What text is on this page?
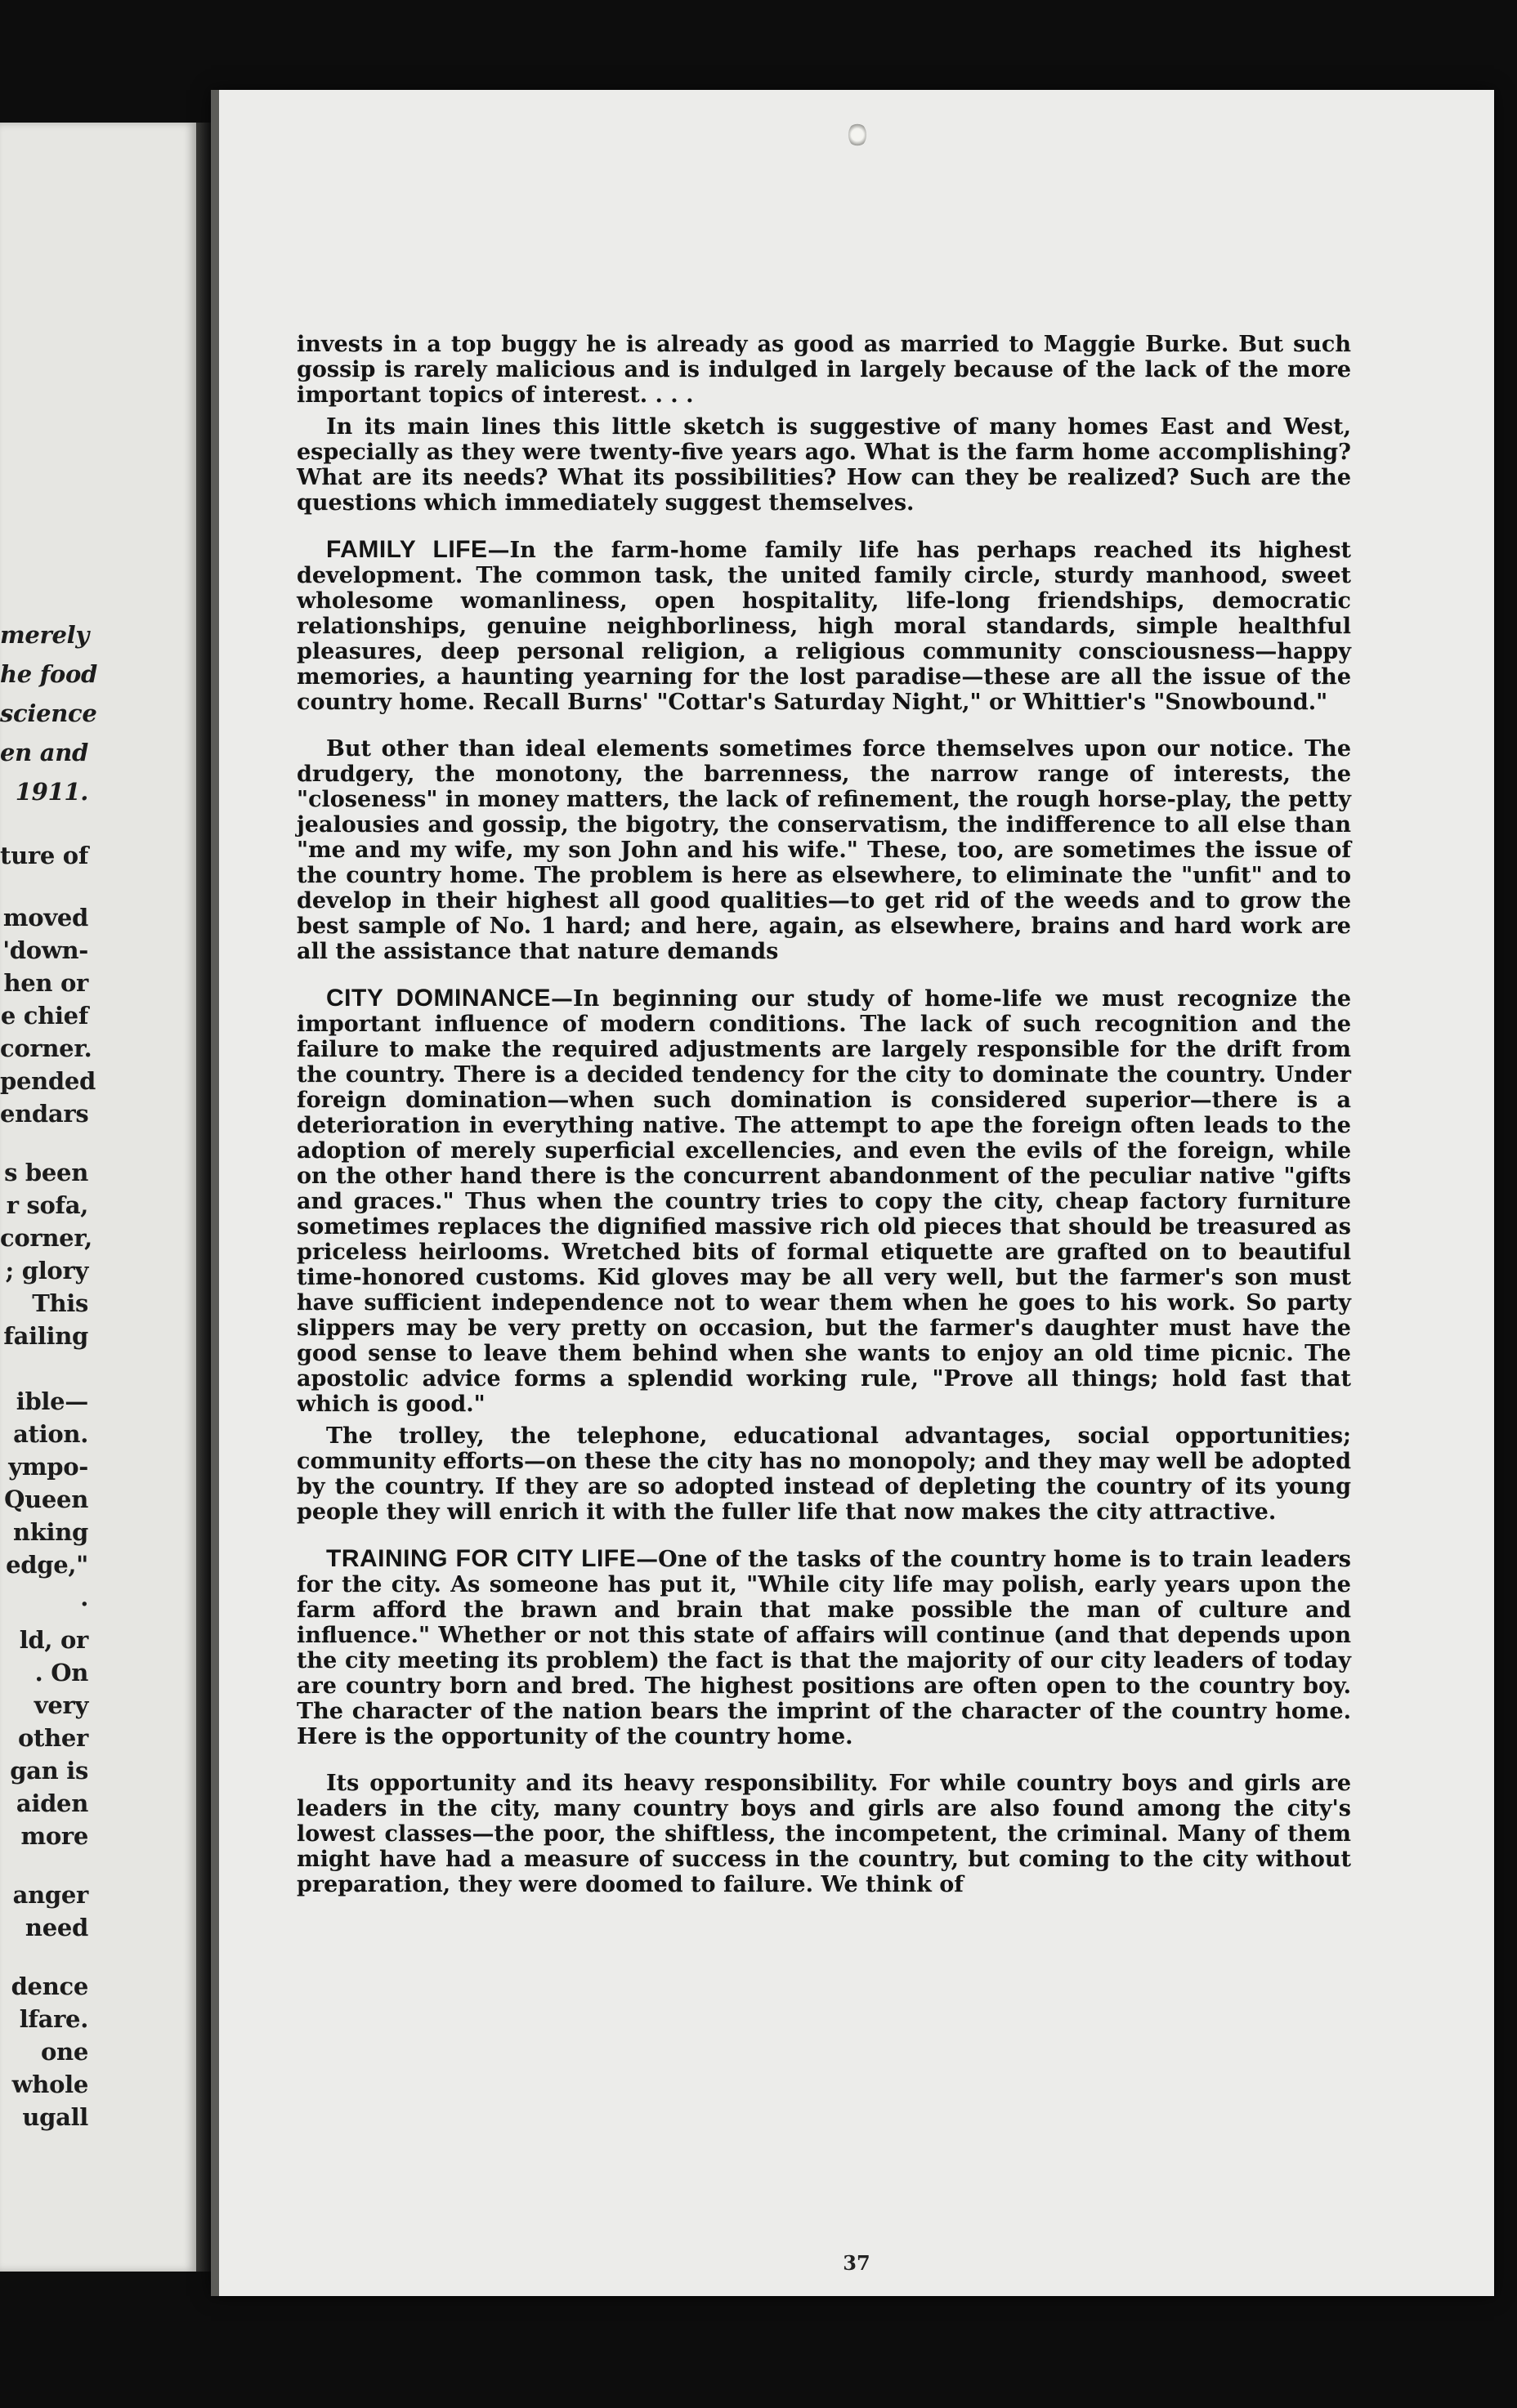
merely
he food
science
en and
1911.
ture of
moved
'down-
hen or
e chief
corner.
pended
endars
s been
r sofa,
corner,
; glory
This
failing
ible—
ation.
ympo-
Queen
nking
edge,"
.
ld, or
. On
very
other
gan is
aiden
more
anger
need
dence
lfare.
one
whole
ugall

invests in a top buggy he is already as good as married to Maggie Burke. But such gossip is rarely malicious and is indulged in largely because of the lack of the more important topics of interest. . . .

In its main lines this little sketch is suggestive of many homes East and West, especially as they were twenty-five years ago. What is the farm home accomplishing? What are its needs? What its possibilities? How can they be realized? Such are the questions which immediately suggest themselves.

FAMILY LIFE—In the farm-home family life has perhaps reached its highest development. The common task, the united family circle, sturdy manhood, sweet wholesome womanliness, open hospitality, life-long friendships, democratic relationships, genuine neighborliness, high moral standards, simple healthful pleasures, deep personal religion, a religious community consciousness—happy memories, a haunting yearning for the lost paradise—these are all the issue of the country home. Recall Burns' "Cottar's Saturday Night," or Whittier's "Snowbound."

But other than ideal elements sometimes force themselves upon our notice. The drudgery, the monotony, the barrenness, the narrow range of interests, the "closeness" in money matters, the lack of refinement, the rough horse-play, the petty jealousies and gossip, the bigotry, the conservatism, the indifference to all else than "me and my wife, my son John and his wife." These, too, are sometimes the issue of the country home. The problem is here as elsewhere, to eliminate the "unfit" and to develop in their highest all good qualities—to get rid of the weeds and to grow the best sample of No. 1 hard; and here, again, as elsewhere, brains and hard work are all the assistance that nature demands

CITY DOMINANCE—In beginning our study of home-life we must recognize the important influence of modern conditions. The lack of such recognition and the failure to make the required adjustments are largely responsible for the drift from the country. There is a decided tendency for the city to dominate the country. Under foreign domination—when such domination is considered superior—there is a deterioration in everything native. The attempt to ape the foreign often leads to the adoption of merely superficial excellencies, and even the evils of the foreign, while on the other hand there is the concurrent abandonment of the peculiar native "gifts and graces." Thus when the country tries to copy the city, cheap factory furniture sometimes replaces the dignified massive rich old pieces that should be treasured as priceless heirlooms. Wretched bits of formal etiquette are grafted on to beautiful time-honored customs. Kid gloves may be all very well, but the farmer's son must have sufficient independence not to wear them when he goes to his work. So party slippers may be very pretty on occasion, but the farmer's daughter must have the good sense to leave them behind when she wants to enjoy an old time picnic. The apostolic advice forms a splendid working rule, "Prove all things; hold fast that which is good."

The trolley, the telephone, educational advantages, social opportunities; community efforts—on these the city has no monopoly; and they may well be adopted by the country. If they are so adopted instead of depleting the country of its young people they will enrich it with the fuller life that now makes the city attractive.

TRAINING FOR CITY LIFE—One of the tasks of the country home is to train leaders for the city. As someone has put it, "While city life may polish, early years upon the farm afford the brawn and brain that make possible the man of culture and influence." Whether or not this state of affairs will continue (and that depends upon the city meeting its problem) the fact is that the majority of our city leaders of today are country born and bred. The highest positions are often open to the country boy. The character of the nation bears the imprint of the character of the country home. Here is the opportunity of the country home.

Its opportunity and its heavy responsibility. For while country boys and girls are leaders in the city, many country boys and girls are also found among the city's lowest classes—the poor, the shiftless, the incompetent, the criminal. Many of them might have had a measure of success in the country, but coming to the city without preparation, they were doomed to failure. We think of

37
